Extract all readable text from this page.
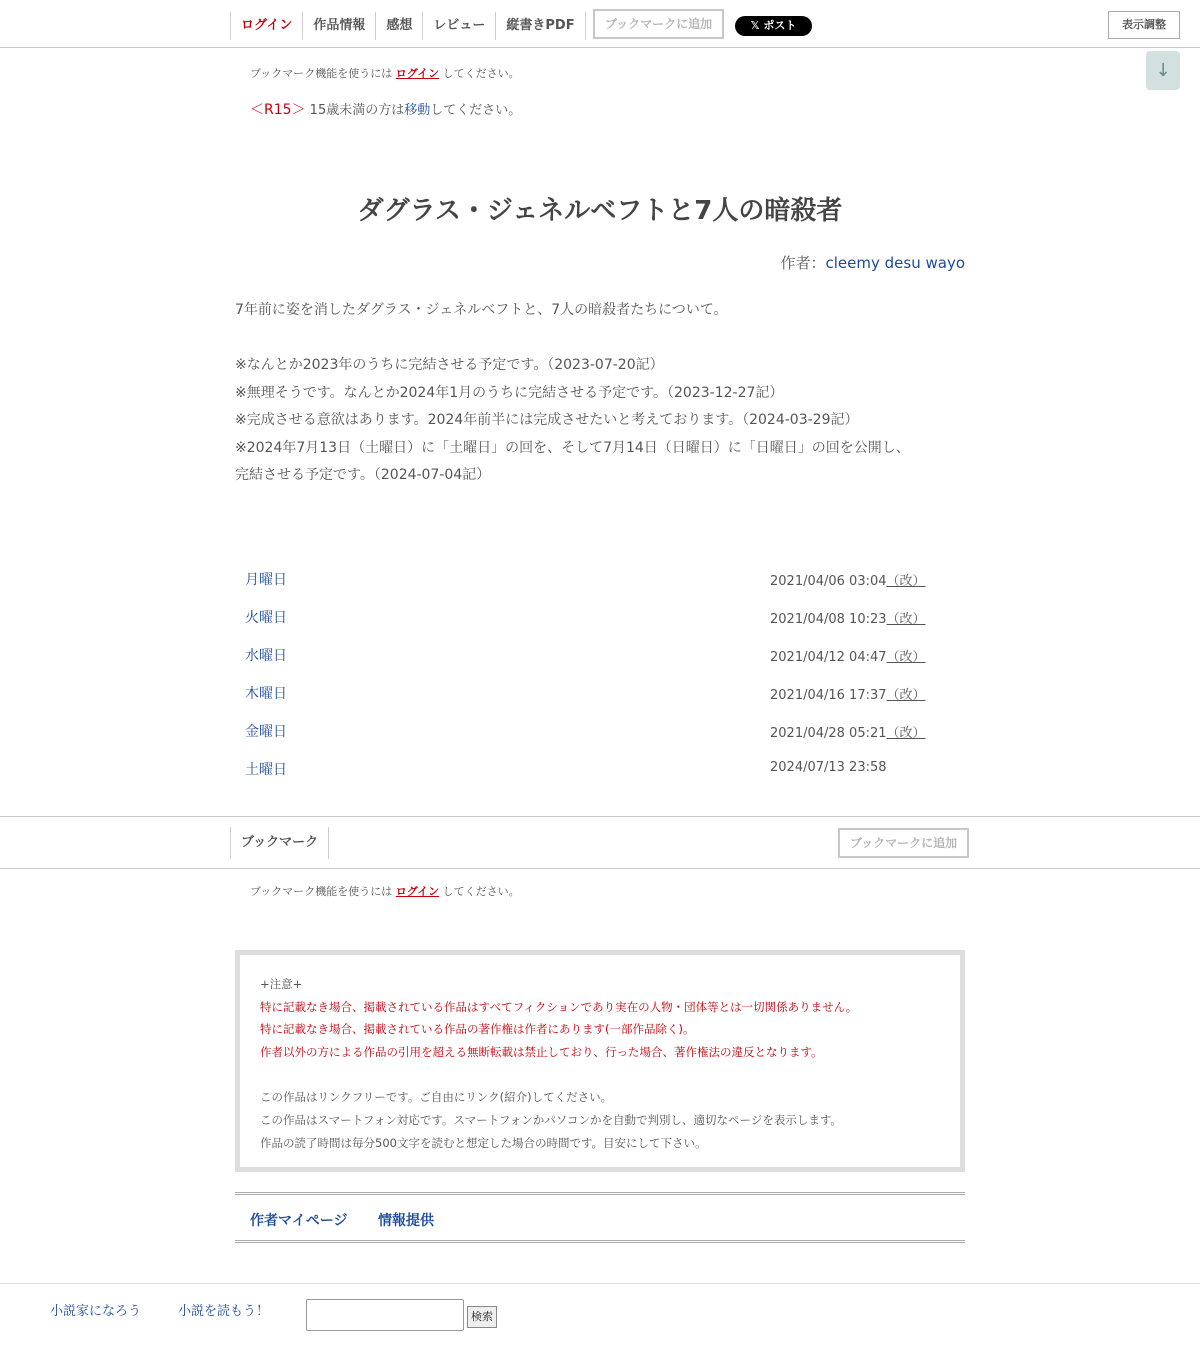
ログイン	作品情報	感想	レビュー	縦書きPDF	ブックマークに追加	𝕏 ポスト	表示調整
ブックマーク機能を使うには ログイン してください。	↓
＜R15＞ 15歳未満の方は移動してください。
ダグラス・ジェネルベフトと7人の暗殺者
作者：cleemy desu wayo
7年前に姿を消したダグラス・ジェネルベフトと、7人の暗殺者たちについて。
※なんとか2023年のうちに完結させる予定です。（2023-07-20記）
※無理そうです。なんとか2024年1月のうちに完結させる予定です。（2023-12-27記）
※完成させる意欲はあります。2024年前半には完成させたいと考えております。（2024-03-29記）
※2024年7月13日（土曜日）に「土曜日」の回を、そして7月14日（日曜日）に「日曜日」の回を公開し、
完結させる予定です。（2024-07-04記）
月曜日	2021/04/06 03:04（改）
火曜日	2021/04/08 10:23（改）
水曜日	2021/04/12 04:47（改）
木曜日	2021/04/16 17:37（改）
金曜日	2021/04/28 05:21（改）
土曜日	2024/07/13 23:58
ブックマーク	ブックマークに追加
ブックマーク機能を使うには ログイン してください。
+注意+
特に記載なき場合、掲載されている作品はすべてフィクションであり実在の人物・団体等とは一切関係ありません。
特に記載なき場合、掲載されている作品の著作権は作者にあります(一部作品除く)。
作者以外の方による作品の引用を超える無断転載は禁止しており、行った場合、著作権法の違反となります。
この作品はリンクフリーです。ご自由にリンク(紹介)してください。
この作品はスマートフォン対応です。スマートフォンかパソコンかを自動で判別し、適切なページを表示します。
作品の読了時間は毎分500文字を読むと想定した場合の時間です。目安にして下さい。
作者マイページ 情報提供
小説家になろう	小説を読もう！	検索
